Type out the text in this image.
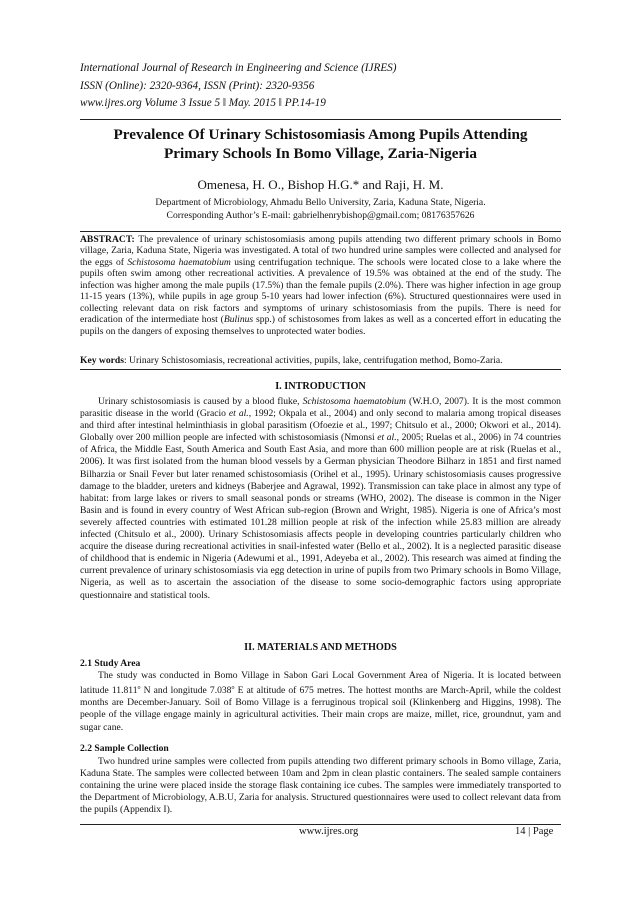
International Journal of Research in Engineering and Science (IJRES)
ISSN (Online): 2320-9364, ISSN (Print): 2320-9356
www.ijres.org Volume 3 Issue 5 ǁ May. 2015 ǁ PP.14-19
Prevalence Of Urinary Schistosomiasis Among Pupils Attending
Primary Schools In Bomo Village, Zaria-Nigeria
Omenesa, H. O., Bishop H.G.* and Raji, H. M.
Department of Microbiology, Ahmadu Bello University, Zaria, Kaduna State, Nigeria.
Corresponding Author’s E-mail: gabrielhenrybishop@gmail.com; 08176357626

ABSTRACT: The prevalence of urinary schistosomiasis among pupils attending two different primary schools in Bomo village, Zaria, Kaduna State, Nigeria was investigated. A total of two hundred urine samples were collected and analysed for the eggs of Schistosoma haematobium using centrifugation technique. The schools were located close to a lake where the pupils often swim among other recreational activities. A prevalence of 19.5% was obtained at the end of the study. The infection was higher among the male pupils (17.5%) than the female pupils (2.0%). There was higher infection in age group 11-15 years (13%), while pupils in age group 5-10 years had lower infection (6%). Structured questionnaires were used in collecting relevant data on risk factors and symptoms of urinary schistosomiasis from the pupils. There is need for eradication of the intermediate host (Bulinus spp.) of schistosomes from lakes as well as a concerted effort in educating the pupils on the dangers of exposing themselves to unprotected water bodies.

Key words: Urinary Schistosomiasis, recreational activities, pupils, lake, centrifugation method, Bomo-Zaria.

I. INTRODUCTION

Urinary schistosomiasis is caused by a blood fluke, Schistosoma haematobium (W.H.O, 2007). It is the most common parasitic disease in the world (Gracio et al., 1992; Okpala et al., 2004) and only second to malaria among tropical diseases and third after intestinal helminthiasis in global parasitism (Ofoezie et al., 1997; Chitsulo et al., 2000; Okwori et al., 2014). Globally over 200 million people are infected with schistosomiasis (Nmonsi et al., 2005; Ruelas et al., 2006) in 74 countries of Africa, the Middle East, South America and South East Asia, and more than 600 million people are at risk (Ruelas et al., 2006). It was first isolated from the human blood vessels by a German physician Theodore Bilharz in 1851 and first named Bilharzia or Snail Fever but later renamed schistosomiasis (Orihel et al., 1995). Urinary schistosomiasis causes progressive damage to the bladder, ureters and kidneys (Baberjee and Agrawal, 1992). Transmission can take place in almost any type of habitat: from large lakes or rivers to small seasonal ponds or streams (WHO, 2002). The disease is common in the Niger Basin and is found in every country of West African sub-region (Brown and Wright, 1985). Nigeria is one of Africa’s most severely affected countries with estimated 101.28 million people at risk of the infection while 25.83 million are already infected (Chitsulo et al., 2000). Urinary Schistosomiasis affects people in developing countries particularly children who acquire the disease during recreational activities in snail-infested water (Bello et al., 2002). It is a neglected parasitic disease of childhood that is endemic in Nigeria (Adewumi et al., 1991, Adeyeba et al., 2002). This research was aimed at finding the current prevalence of urinary schistosomiasis via egg detection in urine of pupils from two Primary schools in Bomo Village, Nigeria, as well as to ascertain the association of the disease to some socio-demographic factors using appropriate questionnaire and statistical tools.

II. MATERIALS AND METHODS
2.1 Study Area

The study was conducted in Bomo Village in Sabon Gari Local Government Area of Nigeria. It is located between latitude 11.811$^o$ N and longitude 7.038$^o$ E at altitude of 675 metres. The hottest months are March-April, while the coldest months are December-January. Soil of Bomo Village is a ferruginous tropical soil (Klinkenberg and Higgins, 1998). The people of the village engage mainly in agricultural activities. Their main crops are maize, millet, rice, groundnut, yam and sugar cane.

2.2 Sample Collection

Two hundred urine samples were collected from pupils attending two different primary schools in Bomo village, Zaria, Kaduna State. The samples were collected between 10am and 2pm in clean plastic containers. The sealed sample containers containing the urine were placed inside the storage flask containing ice cubes. The samples were immediately transported to the Department of Microbiology, A.B.U, Zaria for analysis. Structured questionnaires were used to collect relevant data from the pupils (Appendix I).

www.ijres.org	14 | Page
